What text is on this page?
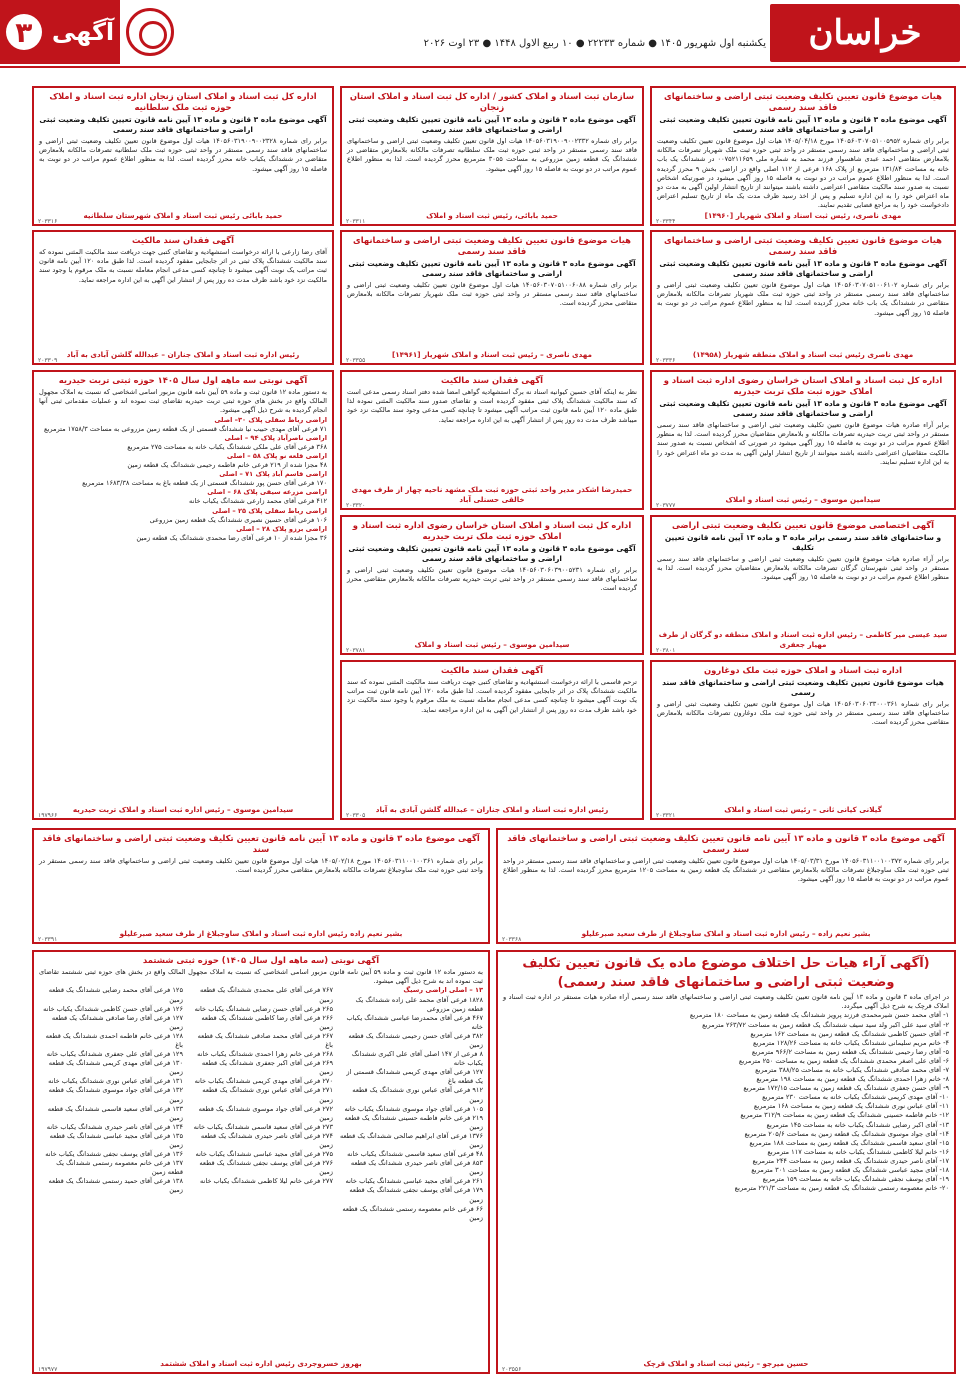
خراسان
یکشنبه اول شهریور ۱۴۰۵ ● شماره ۲۲۲۳۳ ● ۱۰ ربیع الاول ۱۴۴۸ ● ۲۳ اوت ۲۰۲۶
۳ آگهی
هیات موضوع قانون تعیین تکلیف وضعیت ثبتی اراضی و ساختمانهای فاقد سند رسمی
آگهی موضوع ماده ۳ قانون و ماده ۱۳ آیین نامه قانون تعیین تکلیف وضعیت ثبتی اراضی و ساختمانهای فاقد سند رسمی

برابر رای شماره ۱۴۰۵۶۰۳۰۷۰۵۱۰۰۵۹۵۲ مورخ ۱۴۰۵/۰۴/۱۸ هیات اول موضوع قانون تعیین تکلیف وضعیت ثبتی اراضی و ساختمانهای فاقد سند رسمی مستقر در واحد ثبتی حوزه ثبت ملک شهریار تصرفات مالکانه بلامعارض متقاضی احمد عبدی شاهسوار فرزند محمد به شماره ملی ۰۰۷۵۲۱۱۶۵۹ در ششدانگ یک باب خانه به مساحت ۱۳۱/۸۴ مترمربع از پلاک ۱۶۸ فرعی از ۱۱۲ اصلی واقع در اراضی بخش ۹ محرز گردیده است. لذا به منظور اطلاع عموم مراتب در دو نوبت به فاصله ۱۵ روز آگهی میشود در صورتیکه اشخاص نسبت به صدور سند مالکیت متقاضی اعتراضی داشته باشند میتوانند از تاریخ انتشار اولین آگهی به مدت دو ماه اعتراض خود را به این اداره تسلیم و پس از اخذ رسید ظرف مدت یک ماه از تاریخ تسلیم اعتراض دادخواست خود را به مراجع قضایی تقدیم نمایند.

مهدی ناصری، رئیس ثبت اسناد و املاک شهریار [۱۴۹۶۰]
۲۰۳۳۴۴
سازمان ثبت اسناد و املاک کشور / اداره کل ثبت اسناد و املاک استان زنجان
آگهی موضوع ماده ۳ قانون و ماده ۱۳ آیین نامه قانون تعیین تکلیف وضعیت ثبتی اراضی و ساختمانهای فاقد سند رسمی

برابر رای شماره ۱۴۰۵۶۰۳۱۹۰۰۹۰۰۲۳۳۲ هیات اول قانون تعیین تکلیف وضعیت ثبتی اراضی و ساختمانهای فاقد سند رسمی مستقر در واحد ثبتی حوزه ثبت ملک سلطانیه تصرفات مالکانه بلامعارض متقاضی در ششدانگ یک قطعه زمین مزروعی به مساحت ۳۰۵۵ مترمربع محرز گردیده است. لذا به منظور اطلاع عموم مراتب در دو نوبت به فاصله ۱۵ روز آگهی میشود.

حمید بابائی، رئیس ثبت اسناد و املاک
۲۰۳۳۱۱
اداره کل ثبت اسناد و املاک استان زنجان اداره ثبت اسناد و املاک حوزه ثبت ملک سلطانیه
آگهی موضوع ماده ۳ قانون و ماده ۱۳ آیین نامه قانون تعیین تکلیف وضعیت ثبتی اراضی و ساختمانهای فاقد سند رسمی

برابر رای شماره ۱۴۰۵۶۰۳۱۹۰۰۹۰۰۲۳۲۸ هیات اول موضوع قانون تعیین تکلیف وضعیت ثبتی اراضی و ساختمانهای فاقد سند رسمی مستقر در واحد ثبتی حوزه ثبت ملک سلطانیه تصرفات مالکانه بلامعارض متقاضی در ششدانگ یکباب خانه محرز گردیده است. لذا به منظور اطلاع عموم مراتب در دو نوبت به فاصله ۱۵ روز آگهی میشود.

حمید بابائی رئیس ثبت اسناد و املاک شهرستان سلطانیه
۲۰۳۳۱۶
هیات موضوع قانون تعیین تکلیف وضعیت ثبتی اراضی و ساختمانهای فاقد سند رسمی
آگهی موضوع ماده ۳ قانون و ماده ۱۳ آیین نامه قانون تعیین تکلیف وضعیت ثبتی اراضی و ساختمانهای فاقد سند رسمی

برابر رای شماره ۱۴۰۵۶۰۳۰۷۰۵۱۰۰۶۱۰۲ هیات اول موضوع قانون تعیین تکلیف وضعیت ثبتی اراضی و ساختمانهای فاقد سند رسمی مستقر در واحد ثبتی حوزه ثبت ملک شهریار تصرفات مالکانه بلامعارض متقاضی در ششدانگ یک باب خانه محرز گردیده است. لذا به منظور اطلاع عموم مراتب در دو نوبت به فاصله ۱۵ روز آگهی میشود.

مهدی ناصری رئیس ثبت اسناد و املاک منطقه شهریار (۱۴۹۵۸)
۲۰۳۳۳۶
هیات موضوع قانون تعیین تکلیف وضعیت ثبتی اراضی و ساختمانهای فاقد سند رسمی
آگهی موضوع ماده ۳ قانون و ماده ۱۳ آیین نامه قانون تعیین تکلیف وضعیت ثبتی اراضی و ساختمانهای فاقد سند رسمی

برابر رای شماره ۱۴۰۵۶۰۳۰۷۰۵۱۰۰۶۰۸۸ هیات اول موضوع قانون تعیین تکلیف وضعیت ثبتی اراضی و ساختمانهای فاقد سند رسمی مستقر در واحد ثبتی حوزه ثبت ملک شهریار تصرفات مالکانه بلامعارض متقاضی محرز گردیده است.

مهدی ناصری – رئیس ثبت اسناد و املاک شهریار [۱۴۹۶۱]
۲۰۳۳۵۵
آگهی فقدان سند مالکیت

آقای رضا زارعی با ارائه درخواست استشهادیه و تقاضای کتبی جهت دریافت سند مالکیت المثنی نموده که سند مالکیت ششدانگ پلاک ثبتی در اثر جابجایی مفقود گردیده است. لذا طبق ماده ۱۲۰ آیین نامه قانون ثبت مراتب یک نوبت آگهی میشود تا چنانچه کسی مدعی انجام معامله نسبت به ملک مرقوم یا وجود سند مالکیت نزد خود باشد ظرف مدت ده روز پس از انتشار این آگهی به این اداره مراجعه نماید.

رئیس اداره ثبت اسناد و املاک جناران – عبدالله گلشن آبادی به آباد
۲۰۳۳۰۹
اداره کل ثبت اسناد و املاک استان خراسان رضوی اداره ثبت اسناد و املاک حوزه ثبت ملک تربت حیدریه
آگهی موضوع ماده ۳ قانون و ماده ۱۳ آیین نامه قانون تعیین تکلیف وضعیت ثبتی اراضی و ساختمانهای فاقد سند رسمی

برابر آراء صادره هیات موضوع قانون تعیین تکلیف وضعیت ثبتی اراضی و ساختمانهای فاقد سند رسمی مستقر در واحد ثبتی تربت حیدریه تصرفات مالکانه و بلامعارض متقاضیان محرز گردیده است. لذا به منظور اطلاع عموم مراتب در دو نوبت به فاصله ۱۵ روز آگهی میشود در صورتی که اشخاص نسبت به صدور سند مالکیت متقاضیان اعتراضی داشته باشند میتوانند از تاریخ انتشار اولین آگهی به مدت دو ماه اعتراض خود را به این اداره تسلیم نمایند.

سیدامین موسوی – رئیس ثبت اسناد و املاک
۲۰۳۷۷۷
آگهی فقدان سند مالکیت

نظر به اینکه آقای حسین کیوانیه اسناد نه برگ استشهادیه گواهی امضا شده دفتر اسناد رسمی مدعی است که سند مالکیت ششدانگ پلاک ثبتی مفقود گردیده است و تقاضای صدور سند مالکیت المثنی نموده لذا طبق ماده ۱۲۰ آیین نامه قانون ثبت مراتب آگهی میشود تا چنانچه کسی مدعی وجود سند مالکیت نزد خود میباشد ظرف مدت ده روز پس از انتشار آگهی به این اداره مراجعه نماید.

حمیدرضا اشکذر مدیر واحد ثبتی حوزه ثبت ملک مشهد ناحیه چهار از طرف مهدی خالقی حسنلی آباد
۲۰۳۳۲۰
آگهی نوبتی سه ماهه اول سال ۱۴۰۵ حوزه ثبتی تربت حیدریه

به دستور ماده ۱۲ قانون ثبت و ماده ۵۹ آیین نامه قانون مزبور اسامی اشخاصی که نسبت به املاک مجهول المالک واقع در بخش های حوزه ثبتی تربت حیدریه تقاضای ثبت نموده اند و عملیات مقدماتی ثبتی آنها انجام گردیده به شرح ذیل آگهی میشود.

اراضی رباط سفلی پلاک ۳۰– اصلی
۷۱ فرعی آقای مهدی حبیب نیا ششدانگ قسمتی از یک قطعه زمین مزروعی به مساحت ۱۷۵۸/۳ مترمربع
اراضی ناصرآباد پلاک ۹۴ – اصلی
۳۶۸ فرعی آقای علی ملکی ششدانگ یکباب خانه به مساحت ۲۷۵ مترمربع
اراضی قلعه نو پلاک ۵۸ – اصلی
۴۸ مجزا شده از ۲۱۹ فرعی خانم فاطمه رحیمی ششدانگ یک قطعه زمین
اراضی قاسم آباد پلاک ۷۱ – اصلی
۱۷۰ فرعی آقای حسن پور ششدانگ قسمتی از یک قطعه باغ به مساحت ۱۶۸۳/۳۸ مترمربع
اراضی مزرعه سیفی پلاک ۶۸ – اصلی
۴۱۲ فرعی آقای محمد زارعی ششدانگ یکباب خانه
اراضی رباط سفلی پلاک ۲۵ – اصلی
۱۰۶ فرعی آقای حسین نصیری ششدانگ یک قطعه زمین مزروعی
اراضی برزو پلاک ۲۸ – اصلی
۳۶ مجزا شده از ۱۰ فرعی آقای رضا محمدی ششدانگ یک قطعه زمین
سیدامین موسوی – رئیس اداره ثبت اسناد و املاک تربت حیدریه
۱۹۷۹۶۶
اداره کل ثبت اسناد و املاک استان خراسان رضوی اداره ثبت اسناد و املاک حوزه ثبت ملک تربت حیدریه
آگهی موضوع ماده ۳ قانون و ماده ۱۳ آیین نامه قانون تعیین تکلیف وضعیت ثبتی اراضی و ساختمانهای فاقد سند رسمی

برابر رای شماره ۱۴۰۵۶۰۳۰۶۰۳۹۰۰۵۲۳۱ هیات موضوع قانون تعیین تکلیف وضعیت ثبتی اراضی و ساختمانهای فاقد سند رسمی مستقر در واحد ثبتی تربت حیدریه تصرفات مالکانه بلامعارض متقاضی محرز گردیده است.

سیدامین موسوی – رئیس ثبت اسناد و املاک
۲۰۳۷۸۱
آگهی اختصاصی موضوع قانون تعیین تکلیف وضعیت ثبتی اراضی
و ساختمانهای فاقد سند رسمی برابر ماده ۳ و ماده ۱۳ آیین نامه قانون تعیین تکلیف

برابر آراء صادره هیات موضوع قانون تعیین تکلیف وضعیت ثبتی اراضی و ساختمانهای فاقد سند رسمی مستقر در واحد ثبتی شهرستان گرگان تصرفات مالکانه بلامعارض متقاضیان محرز گردیده است. لذا به منظور اطلاع عموم مراتب در دو نوبت به فاصله ۱۵ روز آگهی میشود.

سید عیسی میر کاظمی – رئیس اداره ثبت اسناد و املاک منطقه دو گرگان از طرف مهیار جعفری
۲۰۳۸۰۱
آگهی فقدان سند مالکیت

ترحم قاسمی با ارائه درخواست استشهادیه و تقاضای کتبی جهت دریافت سند مالکیت المثنی نموده که سند مالکیت ششدانگ پلاک در اثر جابجایی مفقود گردیده است. لذا طبق ماده ۱۲۰ آیین نامه قانون ثبت مراتب یک نوبت آگهی میشود تا چنانچه کسی مدعی انجام معامله نسبت به ملک مرقوم یا وجود سند مالکیت نزد خود باشد ظرف مدت ده روز پس از انتشار این آگهی به این اداره مراجعه نماید.

رئیس اداره ثبت اسناد و املاک جناران – عبدالله گلشن آبادی به آباد
۲۰۳۳۰۵
اداره ثبت اسناد و املاک حوزه ثبت ملک دوغارون
هیات موضوع قانون تعیین تکلیف وضعیت ثبتی اراضی و ساختمانهای فاقد سند رسمی

برابر رای شماره ۱۴۰۵۶۰۳۰۶۰۳۳۰۰۰۳۶۱ هیات اول موضوع قانون تعیین تکلیف وضعیت ثبتی اراضی و ساختمانهای فاقد سند رسمی مستقر در واحد ثبتی حوزه ثبت ملک دوغارون تصرفات مالکانه بلامعارض متقاضی محرز گردیده است.

گیلانی کیانی ثانی – رئیس ثبت اسناد و املاک
۲۰۳۳۲۱
آگهی موضوع ماده ۳ قانون و ماده ۱۳ آیین نامه قانون تعیین تکلیف وضعیت ثبتی اراضی و ساختمانهای فاقد سند رسمی

برابر رای شماره ۱۴۰۵۶۰۳۱۱۰۰۱۰۰۳۷۲ مورخ ۱۴۰۵/۰۳/۳۱ هیات اول موضوع قانون تعیین تکلیف وضعیت ثبتی اراضی و ساختمانهای فاقد سند رسمی مستقر در واحد ثبتی حوزه ثبت ملک ساوجبلاغ تصرفات مالکانه بلامعارض متقاضی در ششدانگ یک قطعه زمین به مساحت ۱۲۰۵ مترمربع محرز گردیده است. لذا به منظور اطلاع عموم مراتب در دو نوبت به فاصله ۱۵ روز آگهی میشود.

بشیر نعیم زاده – رئیس اداره ثبت اسناد و املاک ساوجبلاغ از طرف سعید صبرعلیلو
۲۰۳۳۶۸
آگهی موضوع ماده ۳ قانون و ماده ۱۳ آیین نامه قانون تعیین تکلیف وضعیت ثبتی اراضی و ساختمانهای فاقد سند

برابر رای شماره ۱۴۰۵۶۰۳۱۱۰۰۱۰۰۳۶۱ مورخ ۱۴۰۵/۰۲/۱۸ هیات اول موضوع قانون تعیین تکلیف وضعیت ثبتی اراضی و ساختمانهای فاقد سند رسمی مستقر در واحد ثبتی حوزه ثبت ملک ساوجبلاغ تصرفات مالکانه بلامعارض متقاضی محرز گردیده است.

بشیر نعیم زاده رئیس اداره ثبت اسناد و املاک ساوجبلاغ از طرف سعید صبرعلیلو
۲۰۳۳۹۱
(آگهی آراء هیات حل اختلاف موضوع ماده یک قانون تعیین تکلیف
وضعیت ثبتی اراضی و ساختمانهای فاقد سند رسمی)

در اجرای ماده ۳ قانون و ماده ۱۳ آیین نامه قانون تعیین تکلیف وضعیت ثبتی اراضی و ساختمانهای فاقد سند رسمی آراء صادره هیات مستقر در اداره ثبت اسناد و املاک قرچک به شرح ذیل آگهی میگردد.

۱- آقای محمد حسن شیرمحمدی فرزند پرویز ششدانگ یک قطعه زمین به مساحت ۱۸۰ مترمربع
۲- آقای سید علی اکبر ولد سید سیف ششدانگ یک قطعه زمین به مساحت ۲۶۳/۷۲ مترمربع
۳- آقای حسین کاظمی ششدانگ یک قطعه زمین به مساحت ۱۶۲ مترمربع
۴- خانم مریم سلیمانی ششدانگ یکباب خانه به مساحت ۱۲۸/۲۶ مترمربع
۵- آقای رضا رحیمی ششدانگ یک قطعه زمین به مساحت ۹۶۶/۲ مترمربع
۶- آقای علی اصغر محمدی ششدانگ یک قطعه زمین به مساحت ۲۵۰ مترمربع
۷- آقای محمد صادقی ششدانگ یکباب خانه به مساحت ۳۸۸/۲۵ مترمربع
۸- خانم زهرا احمدی ششدانگ یک قطعه زمین به مساحت ۱۹۸ مترمربع
۹- آقای حسن جعفری ششدانگ یک قطعه زمین به مساحت ۱۷۲/۱۵ مترمربع
۱۰- آقای مهدی کریمی ششدانگ یکباب خانه به مساحت ۲۳۰ مترمربع
۱۱- آقای عباس نوری ششدانگ یک قطعه زمین به مساحت ۱۶۸ مترمربع
۱۲- خانم فاطمه حسینی ششدانگ یک قطعه زمین به مساحت ۳۱۲/۹ مترمربع
۱۳- آقای اکبر رضایی ششدانگ یکباب خانه به مساحت ۱۴۵ مترمربع
۱۴- آقای جواد موسوی ششدانگ یک قطعه زمین به مساحت ۲۰۵/۶ مترمربع
۱۵- آقای سعید قاسمی ششدانگ یک قطعه زمین به مساحت ۱۸۸ مترمربع
۱۶- خانم لیلا کاظمی ششدانگ یکباب خانه به مساحت ۱۱۷ مترمربع
۱۷- آقای ناصر حیدری ششدانگ یک قطعه زمین به مساحت ۲۴۴ مترمربع
۱۸- آقای مجید عباسی ششدانگ یک قطعه زمین به مساحت ۳۰۱ مترمربع
۱۹- آقای یوسف نجفی ششدانگ یکباب خانه به مساحت ۱۵۹ مترمربع
۲۰- خانم معصومه رستمی ششدانگ یک قطعه زمین به مساحت ۲۲۱/۳ مترمربع
حسین میرجو – رئیس ثبت اسناد و املاک قرچک
۲۰۳۵۵۶
آگهی نوبتی (سه ماهه اول سال ۱۴۰۵) حوزه ثبتی ششتمد

به دستور ماده ۱۲ قانون ثبت و ماده ۵۹ آیین نامه قانون مزبور اسامی اشخاصی که نسبت به املاک مجهول المالک واقع در بخش های حوزه ثبتی ششتمد تقاضای ثبت نموده اند به شرح ذیل آگهی میشود.

۱۳ – اصلی اراضی رسیگ
۱۸۲۸ فرعی آقای محمد علی زاده ششدانگ یک قطعه زمین مزروعی
۴۶۷ فرعی آقای محمدرضا عباسی ششدانگ یکباب خانه
۳۸۲ فرعی آقای حسن رحیمی ششدانگ یک قطعه زمین
۸ فرعی از ۱۴۷ اصلی آقای علی اکبری ششدانگ یکباب خانه
۱۲۷ فرعی آقای مهدی کریمی ششدانگ قسمتی از یک قطعه باغ
۹۱۲ فرعی آقای عباس نوری ششدانگ یک قطعه زمین
۱۰۵ فرعی آقای جواد موسوی ششدانگ یکباب خانه
۲۱۹ فرعی خانم فاطمه حسینی ششدانگ یک قطعه زمین
۱۳۷۶ فرعی آقای ابراهیم صالحی ششدانگ یک قطعه زمین
۴۸ فرعی آقای سعید قاسمی ششدانگ یکباب خانه
۸۵۳ فرعی آقای ناصر حیدری ششدانگ یک قطعه زمین
۲۶۱ فرعی آقای مجید عباسی ششدانگ یکباب خانه
۱۷۹ فرعی آقای یوسف نجفی ششدانگ یک قطعه زمین
۶۶ فرعی خانم معصومه رستمی ششدانگ یک قطعه زمین
۷۶۷ فرعی آقای علی محمدی ششدانگ یک قطعه زمین
۲۶۵ فرعی آقای حسن رضایی ششدانگ یکباب خانه
۲۶۶ فرعی آقای رضا کاظمی ششدانگ یک قطعه زمین
۲۶۷ فرعی آقای محمد صادقی ششدانگ یک قطعه باغ
۲۶۸ فرعی خانم زهرا احمدی ششدانگ یکباب خانه
۲۶۹ فرعی آقای اکبر جعفری ششدانگ یک قطعه زمین
۲۷۰ فرعی آقای مهدی کریمی ششدانگ یکباب خانه
۲۷۱ فرعی آقای عباس نوری ششدانگ یک قطعه زمین
۲۷۲ فرعی آقای جواد موسوی ششدانگ یک قطعه زمین
۲۷۳ فرعی آقای سعید قاسمی ششدانگ یکباب خانه
۲۷۴ فرعی آقای ناصر حیدری ششدانگ یک قطعه زمین
۲۷۵ فرعی آقای مجید عباسی ششدانگ یکباب خانه
۲۷۶ فرعی آقای یوسف نجفی ششدانگ یک قطعه زمین
۲۷۷ فرعی خانم لیلا کاظمی ششدانگ یکباب خانه
۱۲۵ فرعی آقای محمد رضایی ششدانگ یک قطعه زمین
۱۲۶ فرعی آقای حسن کاظمی ششدانگ یکباب خانه
۱۲۷ فرعی آقای رضا صادقی ششدانگ یک قطعه زمین
۱۲۸ فرعی خانم فاطمه احمدی ششدانگ یک قطعه باغ
۱۲۹ فرعی آقای علی جعفری ششدانگ یکباب خانه
۱۳۰ فرعی آقای مهدی کریمی ششدانگ یک قطعه زمین
۱۳۱ فرعی آقای عباس نوری ششدانگ یکباب خانه
۱۳۲ فرعی آقای جواد موسوی ششدانگ یک قطعه زمین
۱۳۳ فرعی آقای سعید قاسمی ششدانگ یک قطعه زمین
۱۳۴ فرعی آقای ناصر حیدری ششدانگ یکباب خانه
۱۳۵ فرعی آقای مجید عباسی ششدانگ یک قطعه زمین
۱۳۶ فرعی آقای یوسف نجفی ششدانگ یکباب خانه
۱۳۷ فرعی خانم معصومه رستمی ششدانگ یک قطعه زمین
۱۳۸ فرعی آقای حمید رستمی ششدانگ یک قطعه زمین
بهروز خسروجردی رئیس اداره ثبت اسناد و املاک ششتمد
۱۹۷۹۷۷
